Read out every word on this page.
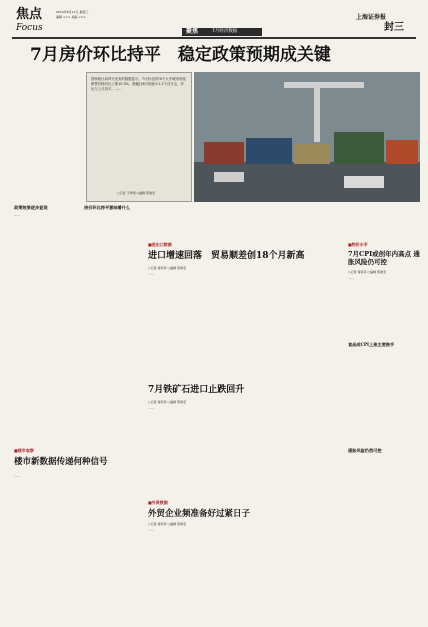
焦点
Focus
2010年8月11日 星期三
编辑 ××× 美编 ×××
聚焦	7月经济数据
上海证券报
封三
7月房价环比持平　稳定政策预期成关键
国家统计局昨天发布的数据显示，7月份全国70个大中城市房屋销售价格同比上涨10.3%，涨幅比6月份缩小1.1个百分点，环比与上月持平。……
○记者 于祥明 ○编辑 陈建宏
政策效果逐步显现
……
房价环比持平意味着什么
■进出口数据
进口增速回落　贸易顺差创18个月新高
○记者 秦菲菲 ○编辑 陈建宏
……
7月铁矿石进口止跌回升
○记者 秦菲菲 ○编辑 陈建宏
……
■楼市观察
楼市新数据传递何种信号
……
■外资数据
外贸企业频准备好过紧日子
○记者 秦菲菲 ○编辑 陈建宏
……
■物价水平
7月CPI或创年内高点 通胀风险仍可控
○记者 秦菲菲 ○编辑 陈建宏
食品成CPI上涨主要推手
通胀风险仍然可控
……
